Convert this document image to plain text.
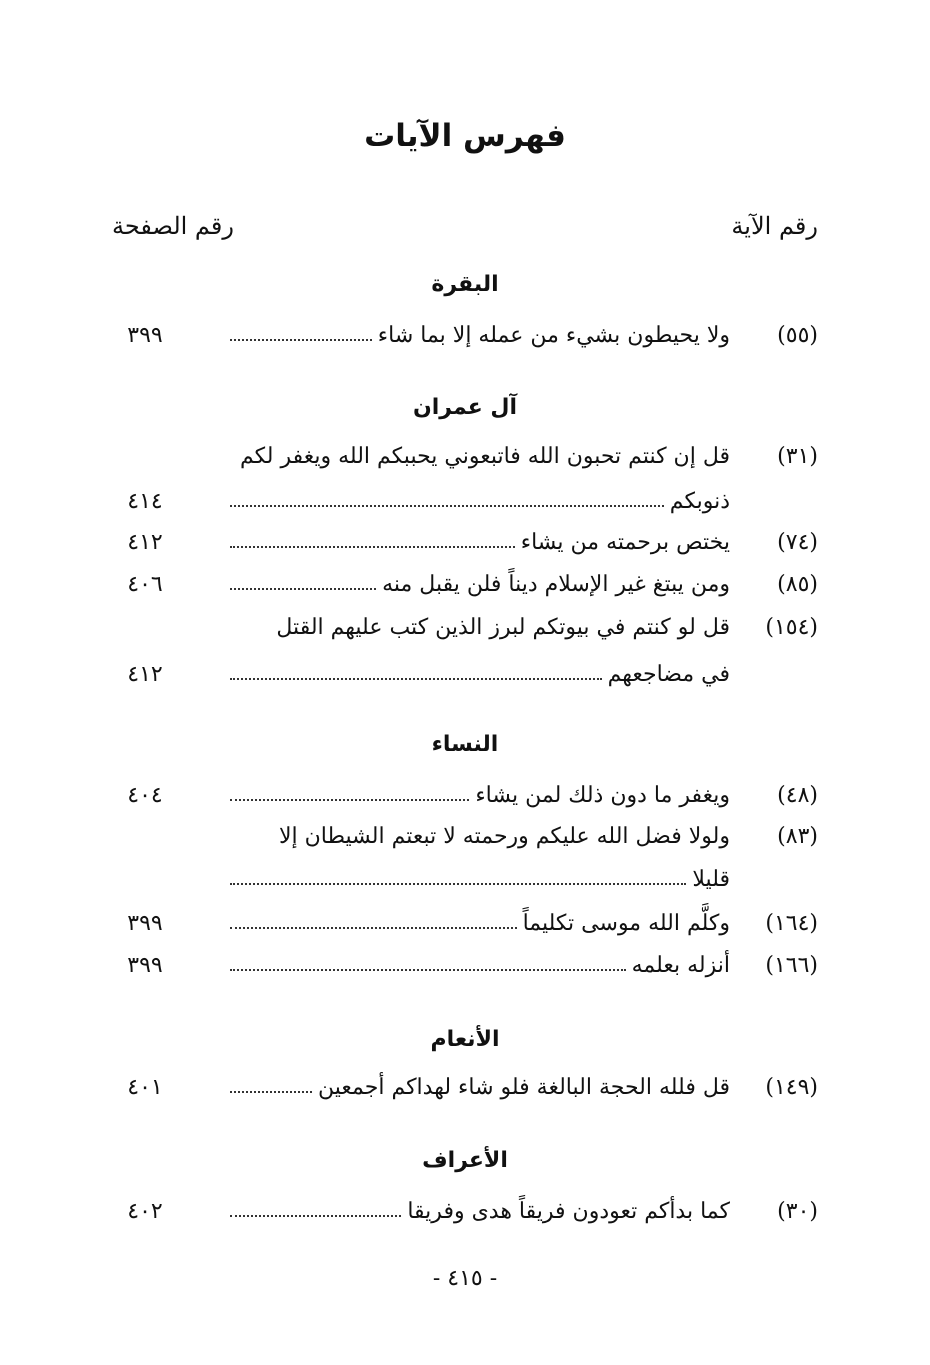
فهرس الآيات
رقم الآية
رقم الصفحة
البقرة
(٥٥)
ولا يحيطون بشيء من عمله إلا بما شاء
٣٩٩
آل عمران
(٣١)
قل إن كنتم تحبون الله فاتبعوني يحببكم الله ويغفر لكم
ذنوبكم
٤١٤
(٧٤)
يختص برحمته من يشاء
٤١٢
(٨٥)
ومن يبتغ غير الإسلام ديناً فلن يقبل منه
٤٠٦
(١٥٤)
قل لو كنتم في بيوتكم لبرز الذين كتب عليهم القتل
في مضاجعهم
٤١٢
النساء
(٤٨)
ويغفر ما دون ذلك لمن يشاء
٤٠٤
(٨٣)
ولولا فضل الله عليكم ورحمته لا تبعتم الشيطان إلا
قليلا
(١٦٤)
وكلَّم الله موسى تكليماً
٣٩٩
(١٦٦)
أنزله بعلمه
٣٩٩
الأنعام
(١٤٩)
قل فلله الحجة البالغة فلو شاء لهداكم أجمعين
٤٠١
الأعراف
(٣٠)
كما بدأكم تعودون فريقاً هدى وفريقا
٤٠٢
- ٤١٥ -
